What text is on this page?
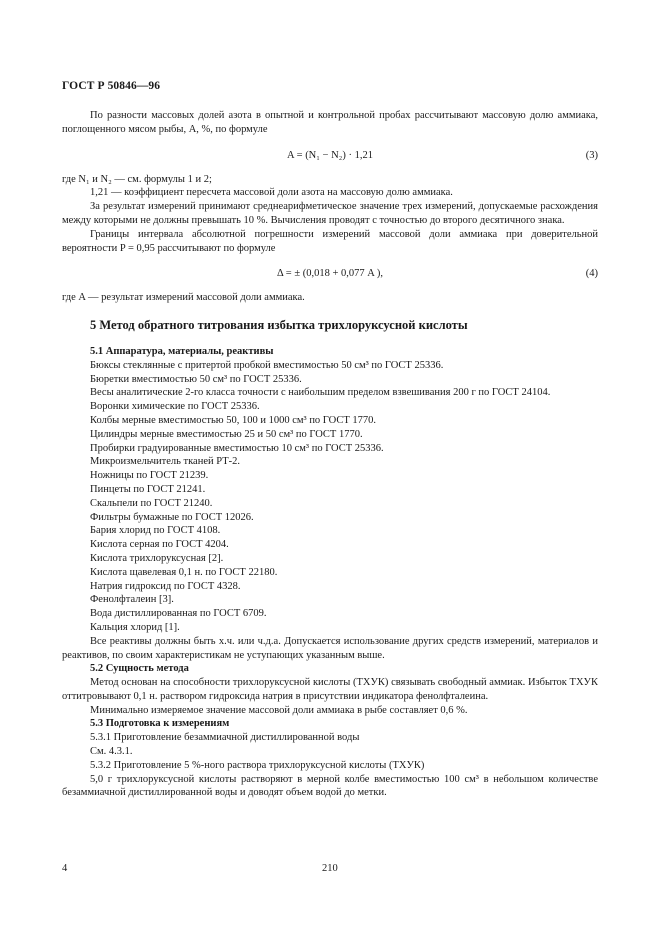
ГОСТ Р 50846—96

По разности массовых долей азота в опытной и контрольной пробах рассчитывают массовую долю аммиака, поглощенного мясом рыбы, А, %, по формуле

A = (N₁ − N₂) · 1,21	(3)

где N₁ и N₂ — см. формулы 1 и 2;

1,21 — коэффициент пересчета массовой доли азота на массовую долю аммиака.

За результат измерений принимают среднеарифметическое значение трех измерений, допускаемые расхождения между которыми не должны превышать 10 %. Вычисления проводят с точностью до второго десятичного знака.

Границы интервала абсолютной погрешности измерений массовой доли аммиака при доверительной вероятности P = 0,95 рассчитывают по формуле

Δ = ± (0,018 + 0,077 A ),	(4)

где A — результат измерений массовой доли аммиака.

5 Метод обратного титрования избытка трихлоруксусной кислоты

5.1 Аппаратура, материалы, реактивы

Бюксы стеклянные с притертой пробкой вместимостью 50 см³ по ГОСТ 25336.

Бюретки вместимостью 50 см³ по ГОСТ 25336.

Весы аналитические 2-го класса точности с наибольшим пределом взвешивания 200 г по ГОСТ 24104.

Воронки химические по ГОСТ 25336.

Колбы мерные вместимостью 50, 100 и 1000 см³ по ГОСТ 1770.

Цилиндры мерные вместимостью 25 и 50 см³ по ГОСТ 1770.

Пробирки градуированные вместимостью 10 см³ по ГОСТ 25336.

Микроизмельчитель тканей РТ-2.

Ножницы по ГОСТ 21239.

Пинцеты по ГОСТ 21241.

Скальпели по ГОСТ 21240.

Фильтры бумажные по ГОСТ 12026.

Бария хлорид по ГОСТ 4108.

Кислота серная по ГОСТ 4204.

Кислота трихлоруксусная [2].

Кислота щавелевая 0,1 н. по ГОСТ 22180.

Натрия гидроксид по ГОСТ 4328.

Фенолфталеин [3].

Вода дистиллированная по ГОСТ 6709.

Кальция хлорид [1].

Все реактивы должны быть х.ч. или ч.д.а. Допускается использование других средств измерений, материалов и реактивов, по своим характеристикам не уступающих указанным выше.

5.2 Сущность метода

Метод основан на способности трихлоруксусной кислоты (ТХУК) связывать свободный аммиак. Избыток ТХУК оттитровывают 0,1 н. раствором гидроксида натрия в присутствии индикатора фенолфталеина.

Минимально измеряемое значение массовой доли аммиака в рыбе составляет 0,6 %.

5.3 Подготовка к измерениям

5.3.1 Приготовление безаммиачной дистиллированной воды

См. 4.3.1.

5.3.2 Приготовление 5 %-ного раствора трихлоруксусной кислоты (ТХУК)

5,0 г трихлоруксусной кислоты растворяют в мерной колбе вместимостью 100 см³ в небольшом количестве безаммиачной дистиллированной воды и доводят объем водой до метки.

4	210
